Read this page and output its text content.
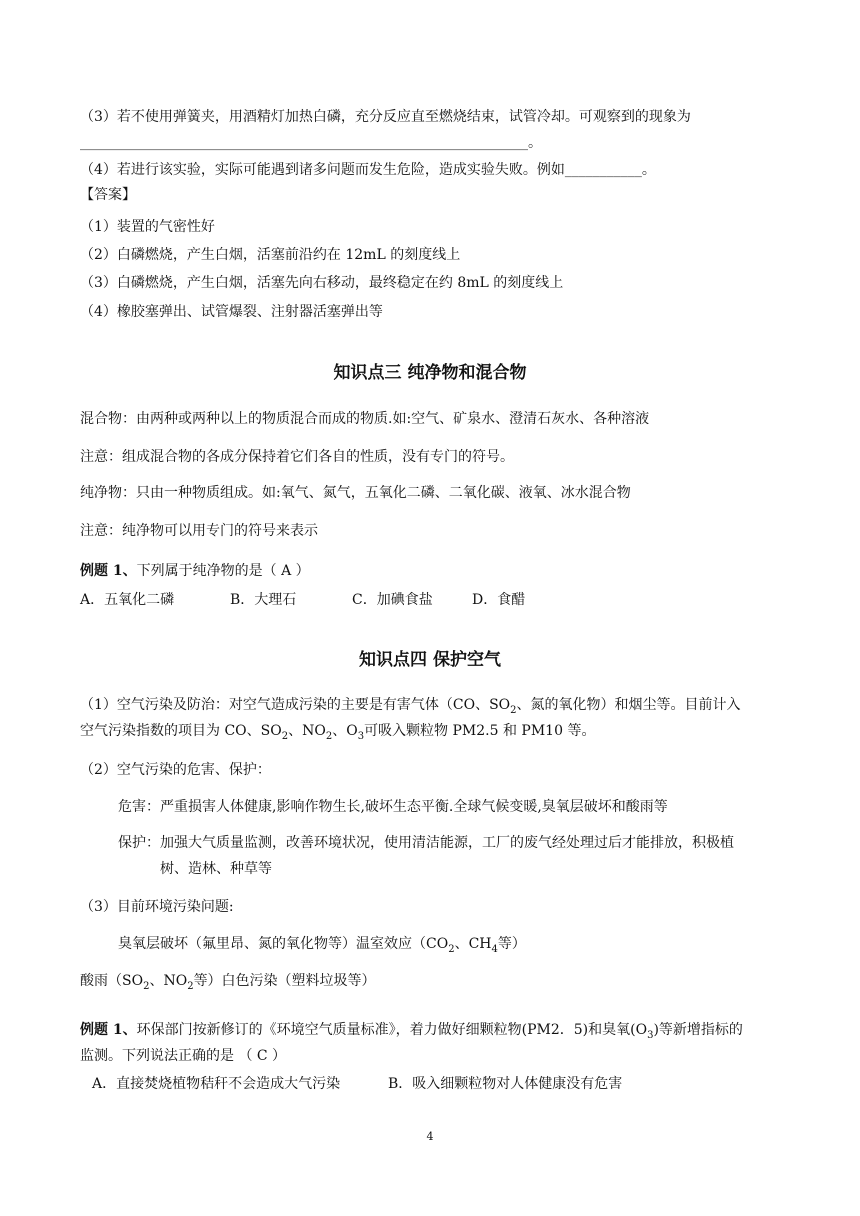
（3）若不使用弹簧夹，用酒精灯加热白磷，充分反应直至燃烧结束，试管冷却。可观察到的现象为
________________________________________________________________。
（4）若进行该实验，实际可能遇到诸多问题而发生危险，造成实验失败。例如___________。
【答案】
（1）装置的气密性好
（2）白磷燃烧，产生白烟，活塞前沿约在 12mL 的刻度线上
（3）白磷燃烧，产生白烟，活塞先向右移动，最终稳定在约 8mL 的刻度线上
（4）橡胶塞弹出、试管爆裂、注射器活塞弹出等
知识点三 纯净物和混合物
混合物：由两种或两种以上的物质混合而成的物质.如:空气、矿泉水、澄清石灰水、各种溶液
注意：组成混合物的各成分保持着它们各自的性质，没有专门的符号。
纯净物：只由一种物质组成。如:氧气、氮气，五氧化二磷、二氧化碳、液氧、冰水混合物
注意：纯净物可以用专门的符号来表示
例题 1、下列属于纯净物的是（ A ）
A．五氧化二磷	B．大理石	C．加碘食盐	D．食醋
知识点四 保护空气
（1）空气污染及防治：对空气造成污染的主要是有害气体（CO、$SO_2$、氮的氧化物）和烟尘等。目前计入
空气污染指数的项目为 CO、$SO_2$、$NO_2$、$O_3$可吸入颗粒物 PM2.5 和 PM10 等。
（2）空气污染的危害、保护：
危害：严重损害人体健康,影响作物生长,破坏生态平衡.全球气候变暖,臭氧层破坏和酸雨等
保护：加强大气质量监测，改善环境状况，使用清洁能源，工厂的废气经处理过后才能排放，积极植
树、造林、种草等
（3）目前环境污染问题:
臭氧层破坏（氟里昂、氮的氧化物等）温室效应（$CO_2$、$CH_4$等）
酸雨（$SO_2$、$NO_2$等）白色污染（塑料垃圾等）
例题 1、环保部门按新修订的《环境空气质量标准》，着力做好细颗粒物(PM2．5)和臭氧$(O_3)$等新增指标的
监测。下列说法正确的是 （ C ）
A．直接焚烧植物秸秆不会造成大气污染	B．吸入细颗粒物对人体健康没有危害
4
